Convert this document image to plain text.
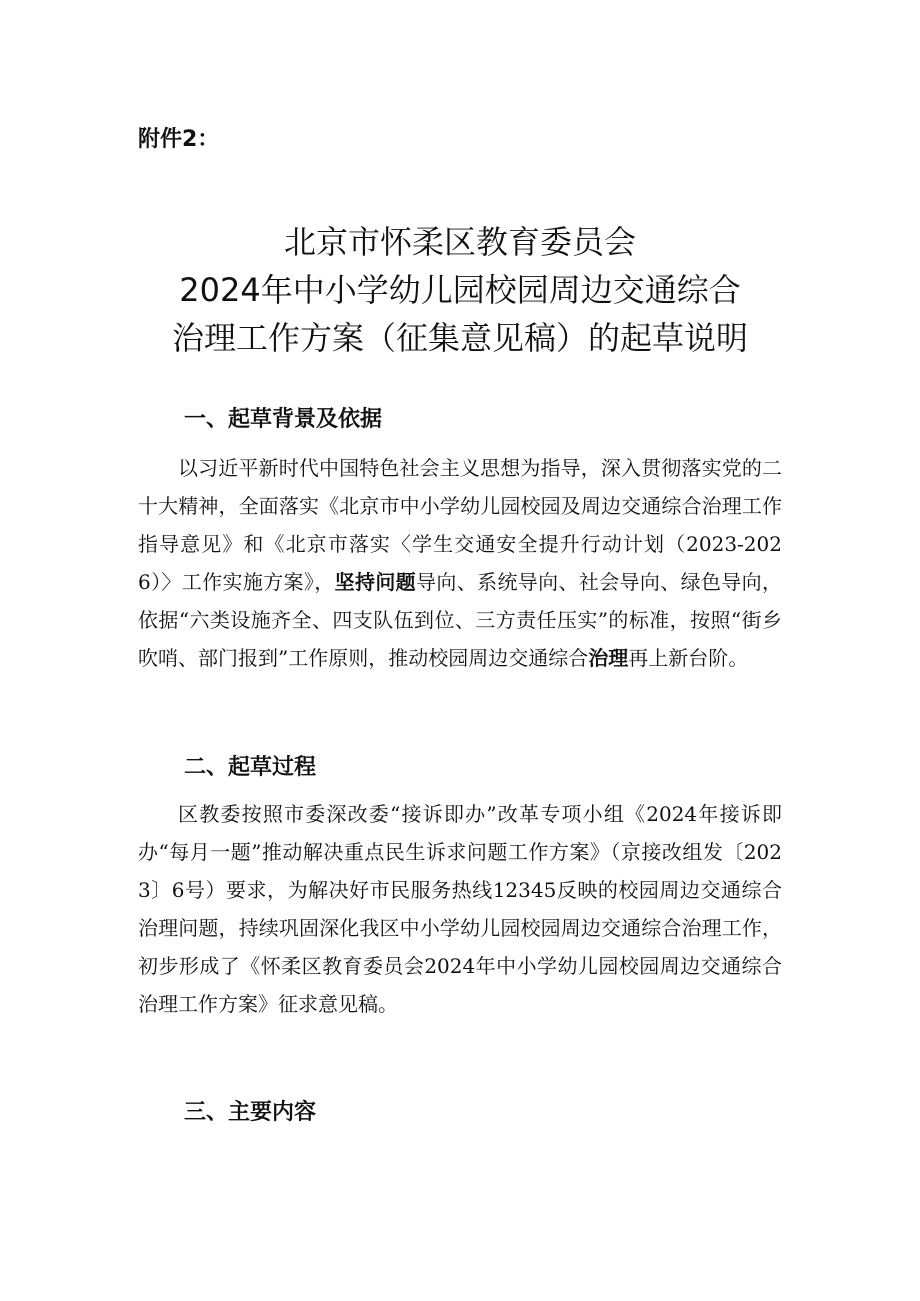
附件2：

北京市怀柔区教育委员会
2024年中小学幼儿园校园周边交通综合
治理工作方案（征集意见稿）的起草说明
一、起草背景及依据

以习近平新时代中国特色社会主义思想为指导，深入贯彻落实党的二十大精神，全面落实《北京市中小学幼儿园校园及周边交通综合治理工作指导意见》和《北京市落实〈学生交通安全提升行动计划（2023-2026）〉工作实施方案》，坚持问题导向、系统导向、社会导向、绿色导向，依据“六类设施齐全、四支队伍到位、三方责任压实”的标准，按照“街乡吹哨、部门报到”工作原则，推动校园周边交通综合治理再上新台阶。

二、起草过程

区教委按照市委深改委“接诉即办”改革专项小组《2024年接诉即办“每月一题”推动解决重点民生诉求问题工作方案》（京接改组发〔2023〕6号）要求，为解决好市民服务热线12345反映的校园周边交通综合治理问题，持续巩固深化我区中小学幼儿园校园周边交通综合治理工作，初步形成了《怀柔区教育委员会2024年中小学幼儿园校园周边交通综合治理工作方案》征求意见稿。

三、主要内容
